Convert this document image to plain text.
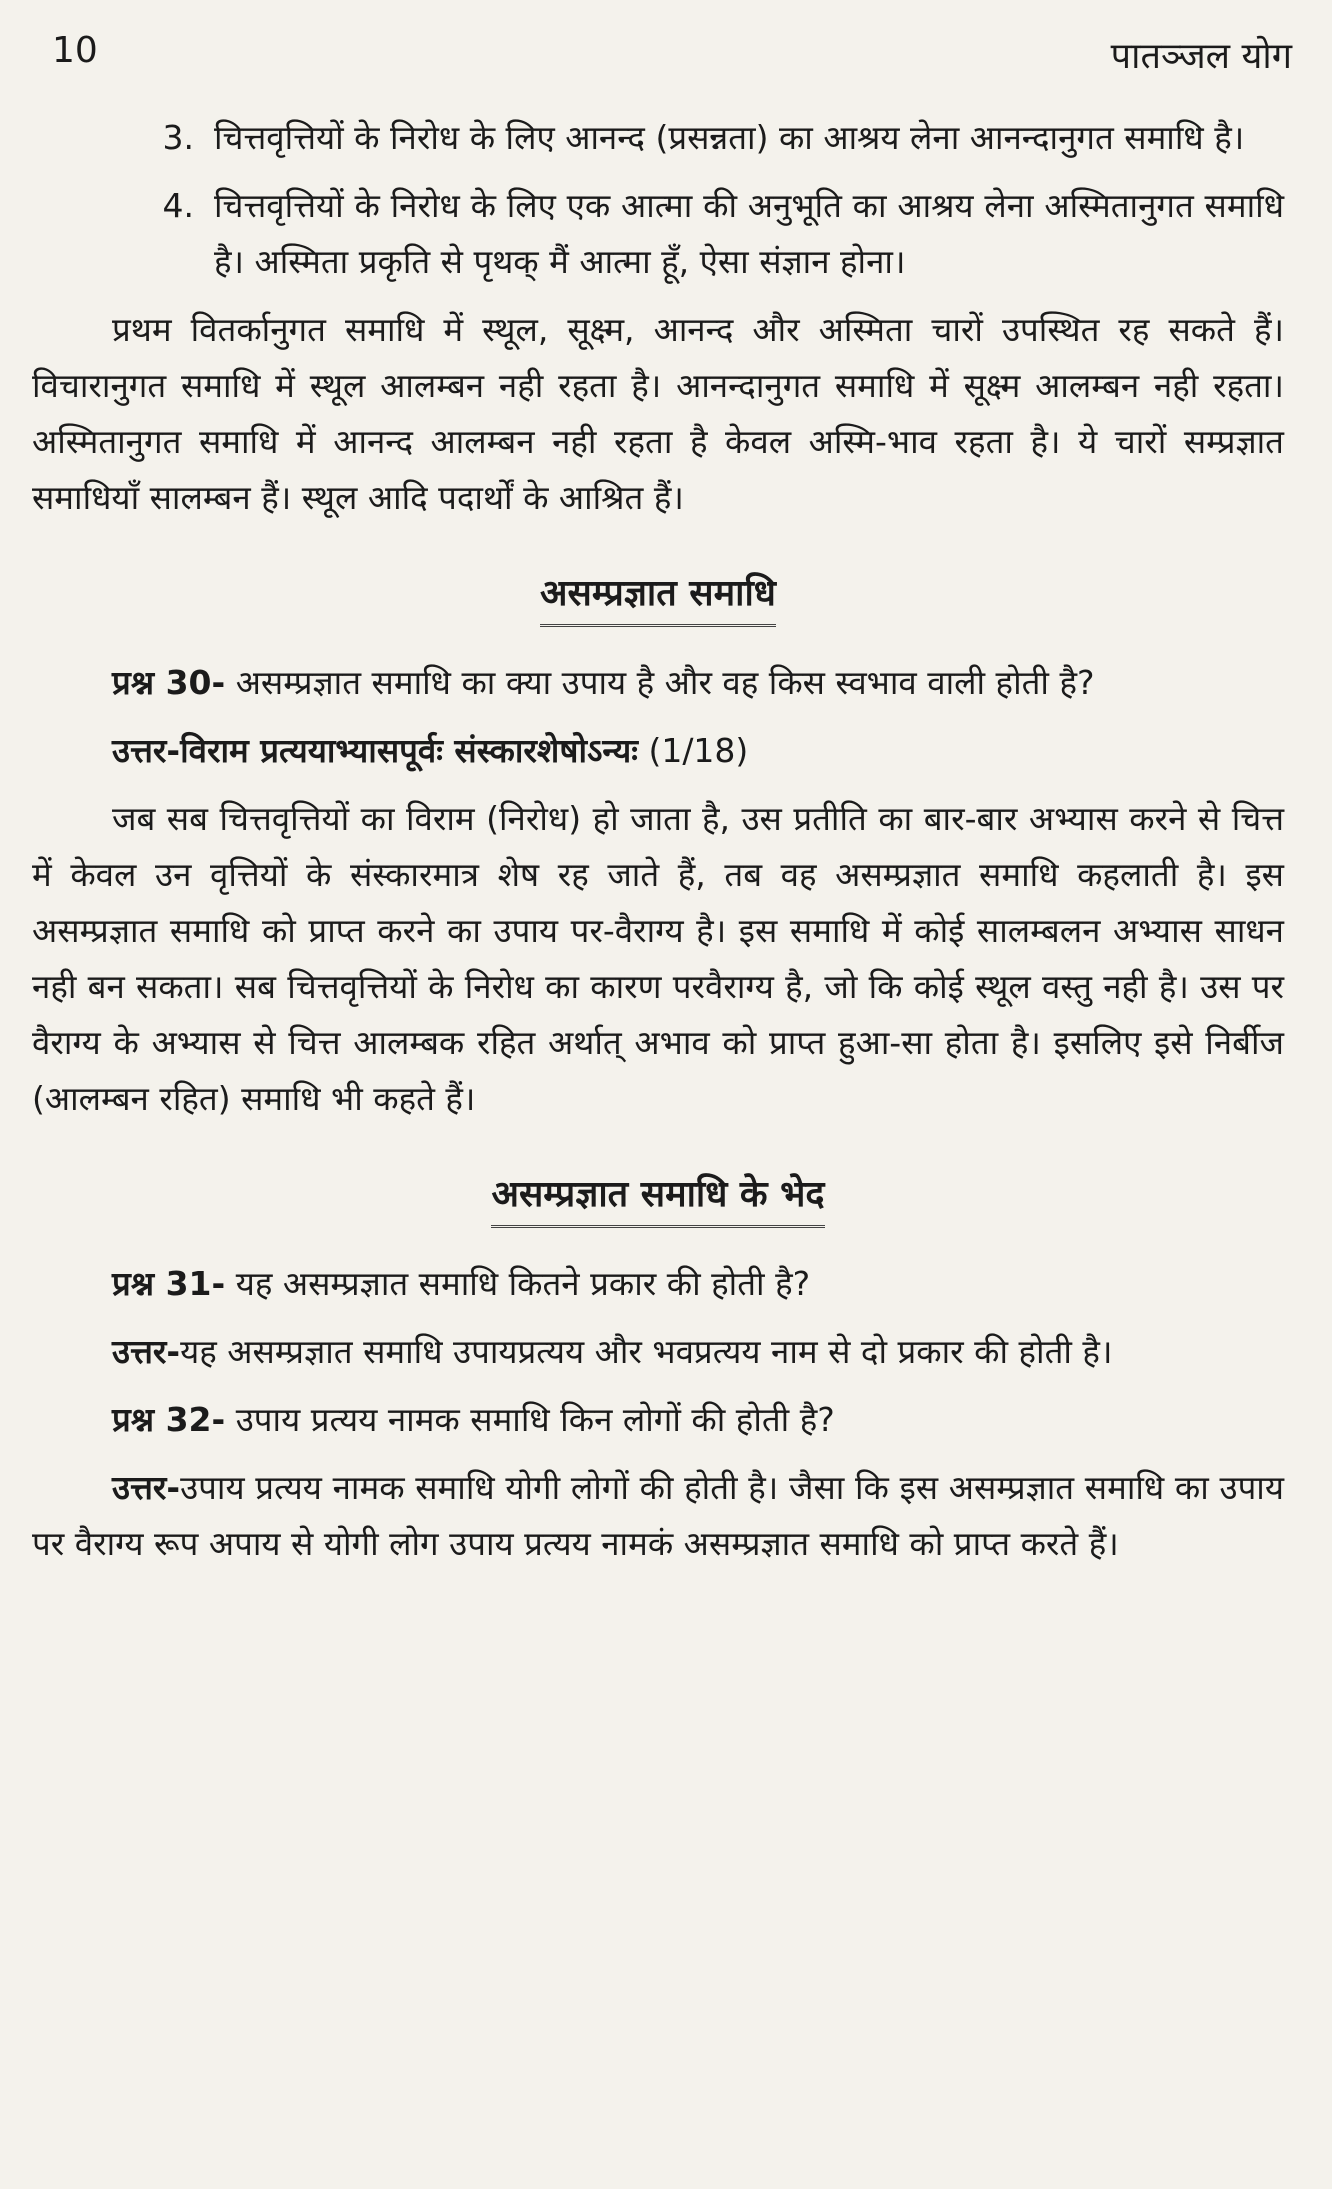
10	पातञ्जल योग
3. चित्तवृत्तियों के निरोध के लिए आनन्द (प्रसन्नता) का आश्रय लेना आनन्दानुगत समाधि है।
4. चित्तवृत्तियों के निरोध के लिए एक आत्मा की अनुभूति का आश्रय लेना अस्मितानुगत समाधि है। अस्मिता प्रकृति से पृथक् मैं आत्मा हूँ, ऐसा संज्ञान होना।

प्रथम वितर्कानुगत समाधि में स्थूल, सूक्ष्म, आनन्द और अस्मिता चारों उपस्थित रह सकते हैं। विचारानुगत समाधि में स्थूल आलम्बन नही रहता है। आनन्दानुगत समाधि में सूक्ष्म आलम्बन नही रहता। अस्मितानुगत समाधि में आनन्द आलम्बन नही रहता है केवल अस्मि-भाव रहता है। ये चारों सम्प्रज्ञात समाधियाँ सालम्बन हैं। स्थूल आदि पदार्थों के आश्रित हैं।

असम्प्रज्ञात समाधि

प्रश्न 30- असम्प्रज्ञात समाधि का क्या उपाय है और वह किस स्वभाव वाली होती है?

उत्तर-विराम प्रत्ययाभ्यासपूर्वः संस्कारशेषोऽन्यः (1/18)

जब सब चित्तवृत्तियों का विराम (निरोध) हो जाता है, उस प्रतीति का बार-बार अभ्यास करने से चित्त में केवल उन वृत्तियों के संस्कारमात्र शेष रह जाते हैं, तब वह असम्प्रज्ञात समाधि कहलाती है। इस असम्प्रज्ञात समाधि को प्राप्त करने का उपाय पर-वैराग्य है। इस समाधि में कोई सालम्बलन अभ्यास साधन नही बन सकता। सब चित्तवृत्तियों के निरोध का कारण परवैराग्य है, जो कि कोई स्थूल वस्तु नही है। उस पर वैराग्य के अभ्यास से चित्त आलम्बक रहित अर्थात् अभाव को प्राप्त हुआ-सा होता है। इसलिए इसे निर्बीज (आलम्बन रहित) समाधि भी कहते हैं।

असम्प्रज्ञात समाधि के भेद

प्रश्न 31- यह असम्प्रज्ञात समाधि कितने प्रकार की होती है?

उत्तर-यह असम्प्रज्ञात समाधि उपायप्रत्यय और भवप्रत्यय नाम से दो प्रकार की होती है।

प्रश्न 32- उपाय प्रत्यय नामक समाधि किन लोगों की होती है?

उत्तर-उपाय प्रत्यय नामक समाधि योगी लोगों की होती है। जैसा कि इस असम्प्रज्ञात समाधि का उपाय पर वैराग्य रूप अपाय से योगी लोग उपाय प्रत्यय नामकं असम्प्रज्ञात समाधि को प्राप्त करते हैं।
